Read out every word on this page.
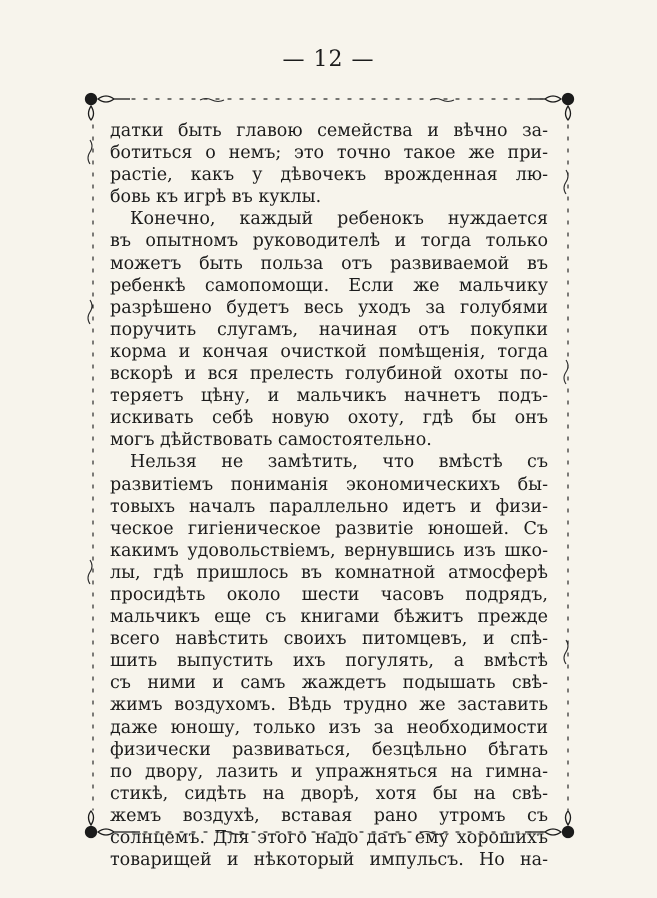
— 12 —
датки быть главою семейства и вѣчно за-
ботиться о немъ; это точно такое же при-
растіе, какъ у дѣвочекъ врожденная лю-
бовь къ игрѣ въ куклы.
Конечно, каждый ребенокъ нуждается
въ опытномъ руководителѣ и тогда только
можетъ быть польза отъ развиваемой въ
ребенкѣ самопомощи. Если же мальчику
разрѣшено будетъ весь уходъ за голубями
поручить слугамъ, начиная отъ покупки
корма и кончая очисткой помѣщенія, тогда
вскорѣ и вся прелесть голубиной охоты по-
теряетъ цѣну, и мальчикъ начнетъ подъ-
искивать себѣ новую охоту, гдѣ бы онъ
могъ дѣйствовать самостоятельно.
Нельзя не замѣтить, что вмѣстѣ съ
развитіемъ пониманія экономическихъ бы-
товыхъ началъ параллельно идетъ и физи-
ческое гигіеническое развитіе юношей. Съ
какимъ удовольствіемъ, вернувшись изъ шко-
лы, гдѣ пришлось въ комнатной атмосферѣ
просидѣть около шести часовъ подрядъ,
мальчикъ еще съ книгами бѣжитъ прежде
всего навѣстить своихъ питомцевъ, и спѣ-
шить выпустить ихъ погулять, а вмѣстѣ
съ ними и самъ жаждетъ подышать свѣ-
жимъ воздухомъ. Вѣдь трудно же заставить
даже юношу, только изъ за необходимости
физически развиваться, безцѣльно бѣгать
по двору, лазить и упражняться на гимна-
стикѣ, сидѣть на дворѣ, хотя бы на свѣ-
жемъ воздухѣ, вставая рано утромъ съ
солнцемъ. Для этого надо дать ему хорошихъ
товарищей и нѣкоторый импульсъ. Но на-
